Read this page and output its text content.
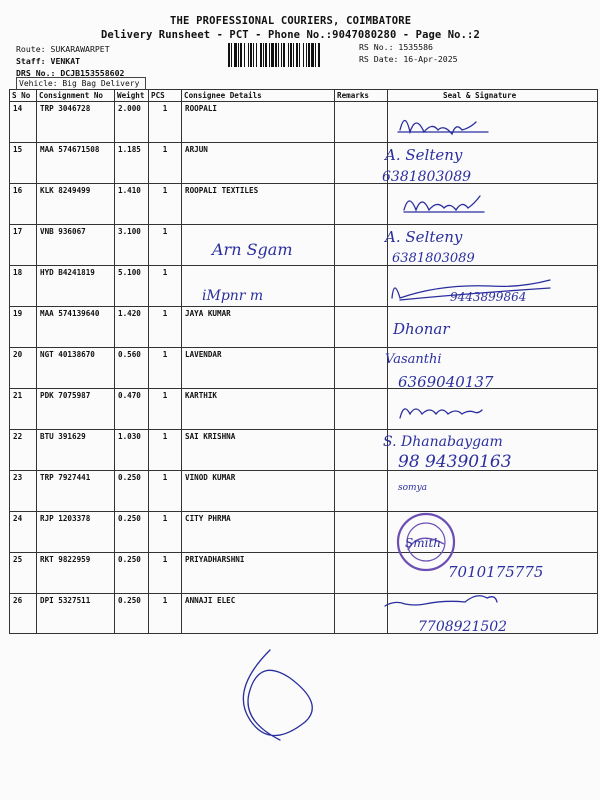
THE PROFESSIONAL COURIERS, COIMBATORE
Delivery Runsheet - PCT - Phone No.:9047080280 - Page No.:2
Route: SUKARAWARPET
Staff: VENKAT
DRS No.: DCJB153558602
Vehicle: Big Bag Delivery
RS No.: 1535586
RS Date: 16-Apr-2025
S No	Consignment No	Weight	PCS	Consignee Details	Remarks	Seal & Signature
14	TRP 3046728	2.000	1	ROOPALI		
15	MAA 574671508	1.185	1	ARJUN		
16	KLK 8249499	1.410	1	ROOPALI TEXTILES		
17	VNB 936067	3.100	1			
18	HYD B4241819	5.100	1			
19	MAA 574139640	1.420	1	JAYA KUMAR		
20	NGT 40138670	0.560	1	LAVENDAR		
21	PDK 7075987	0.470	1	KARTHIK		
22	BTU 391629	1.030	1	SAI KRISHNA		
23	TRP 7927441	0.250	1	VINOD KUMAR		
24	RJP 1203378	0.250	1	CITY PHRMA		
25	RKT 9822959	0.250	1	PRIYADHARSHNI		
26	DPI 5327511	0.250	1	ANNAJI ELEC		
A. Selteny
6381803089
Arn Sgam
A. Selteny
6381803089
iMpnr m	9443899864
Dhonar
Vasanthi
6369040137
S. Dhanabaygam
98 94390163
somya
Smith
7010175775
7708921502
